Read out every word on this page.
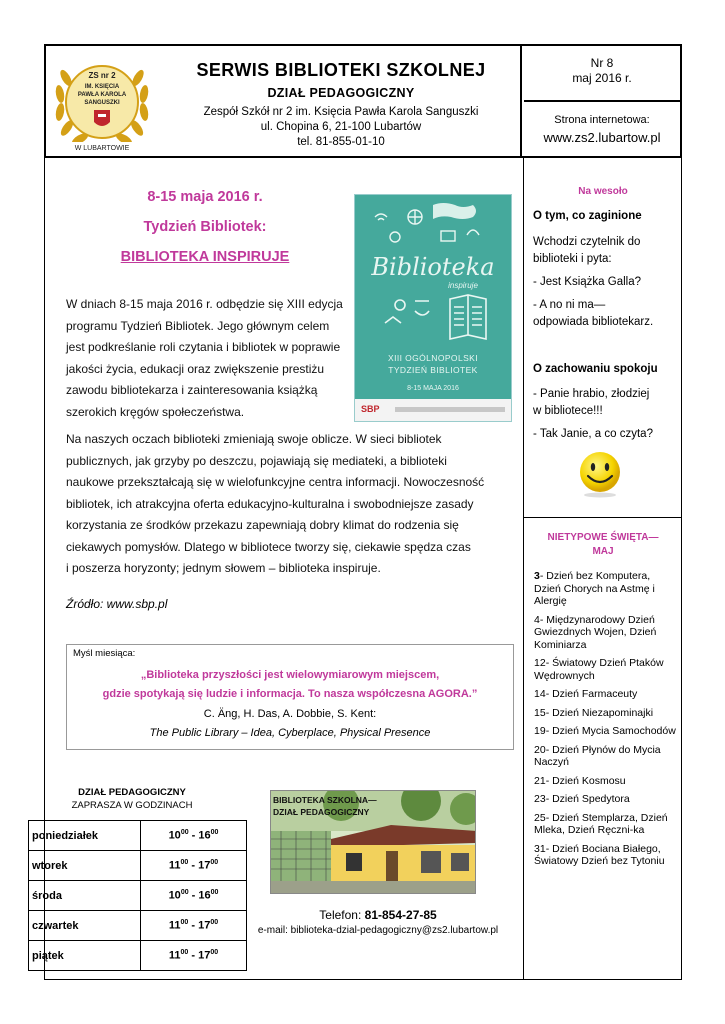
ZS nr 2
IM. KSIĘCIA
PAWŁA KAROLA
SANGUSZKI
W LUBARTOWIE
SERWIS BIBLIOTEKI SZKOLNEJ
DZIAŁ PEDAGOGICZNY
Zespół Szkół nr 2 im. Księcia Pawła Karola Sanguszki
ul. Chopina 6, 21-100 Lubartów
tel. 81-855-01-10
Nr 8
maj 2016 r.
Strona internetowa:
www.zs2.lubartow.pl
8-15 maja 2016 r.
Tydzień Bibliotek:
BIBLIOTEKA INSPIRUJE
W dniach 8-15 maja 2016 r. odbędzie się XIII edycja
programu Tydzień Bibliotek. Jego głównym celem
jest podkreślanie roli czytania i bibliotek w poprawie
jakości życia, edukacji oraz zwiększenie prestiżu
zawodu bibliotekarza i zainteresowania książką
szerokich kręgów społeczeństwa.
Na naszych oczach biblioteki zmieniają swoje oblicze. W sieci bibliotek
publicznych, jak grzyby po deszczu, pojawiają się mediateki, a biblioteki
naukowe przekształcają się w wielofunkcyjne centra informacji. Nowoczesność
bibliotek, ich atrakcyjna oferta edukacyjno-kulturalna i swobodniejsze zasady
korzystania ze środków przekazu zapewniają dobry klimat do rodzenia się
ciekawych pomysłów. Dlatego w bibliotece tworzy się, ciekawie spędza czas
i poszerza horyzonty; jednym słowem – biblioteka inspiruje.
Źródło: www.sbp.pl
Biblioteka
inspiruje
XIII OGÓLNOPOLSKI
TYDZIEŃ BIBLIOTEK
8-15 MAJA 2016
SBP
Myśl miesiąca:
„Biblioteka przyszłości jest wielowymiarowym miejscem,
gdzie spotykają się ludzie i informacja. To nasza współczesna AGORA.”
C. Äng, H. Das, A. Dobbie, S. Kent:
The Public Library – Idea, Cyberplace, Physical Presence
DZIAŁ PEDAGOGICZNY
ZAPRASZA W GODZINACH
poniedziałek	$10^{00} - 16^{00}$
wtorek	$11^{00} - 17^{00}$
środa	$10^{00} - 16^{00}$
czwartek	$11^{00} - 17^{00}$
piątek	$11^{00} - 17^{00}$
BIBLIOTEKA SZKOLNA—
DZIAŁ PEDAGOGICZNY
Telefon: 81-854-27-85
e-mail: biblioteka-dzial-pedagogiczny@zs2.lubartow.pl
Na wesoło
O tym, co zaginione
Wchodzi czytelnik do
biblioteki i pyta:
- Jest Książka Galla?
- A no ni ma—
odpowiada bibliotekarz.
O zachowaniu spokoju
- Panie hrabio, złodziej
w bibliotece!!!
- Tak Janie, a co czyta?
NIETYPOWE ŚWIĘTA—
MAJ
3- Dzień bez Komputera, Dzień Chorych na Astmę i Alergię
4- Międzynarodowy Dzień Gwiezdnych Wojen, Dzień Kominiarza
12- Światowy Dzień Ptaków Wędrownych
14- Dzień Farmaceuty
15- Dzień Niezapominajki
19- Dzień Mycia Samochodów
20- Dzień Płynów do Mycia Naczyń
21- Dzień Kosmosu
23- Dzień Spedytora
25- Dzień Stemplarza, Dzień Mleka, Dzień Ręczni-ka
31- Dzień Bociana Białego, Światowy Dzień bez Tytoniu
